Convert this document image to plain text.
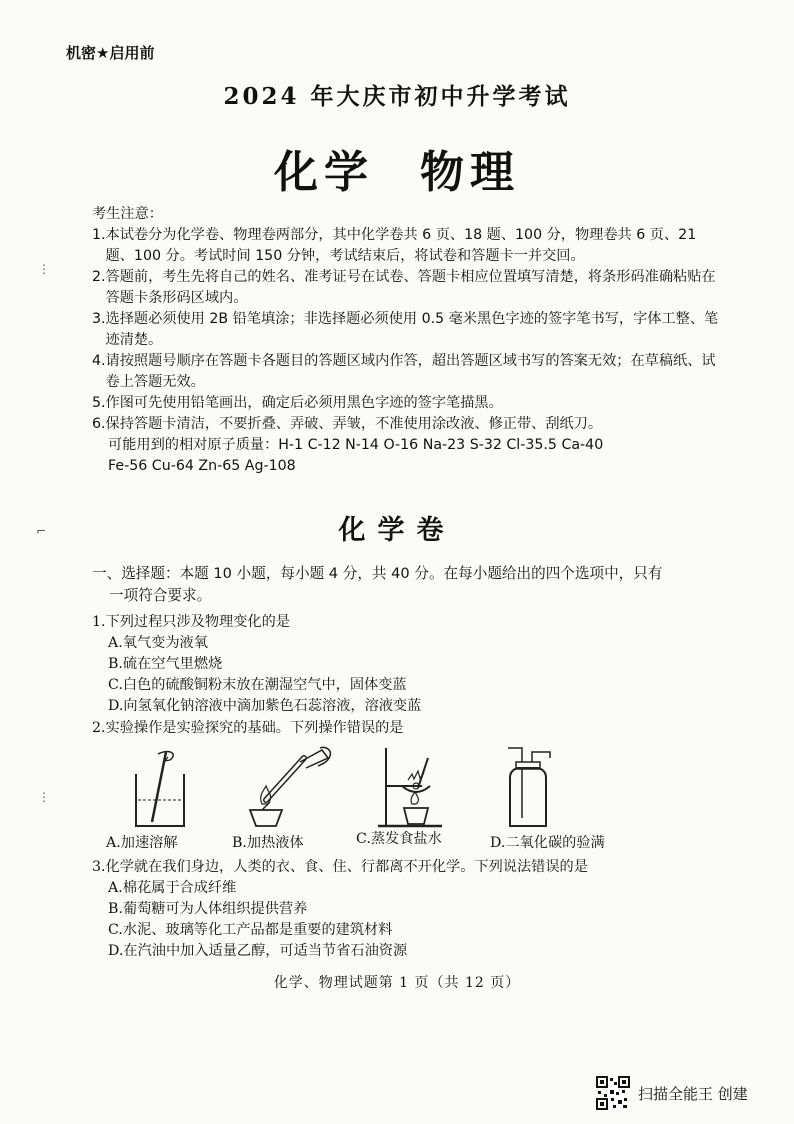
机密★启用前
2024 年大庆市初中升学考试
化学 物理
⋮
⌐
⋮
考生注意：
1. 本试卷分为化学卷、物理卷两部分，其中化学卷共 6 页、18 题、100 分，物理卷共 6 页、21 题、100 分。考试时间 150 分钟，考试结束后，将试卷和答题卡一并交回。
2. 答题前，考生先将自己的姓名、准考证号在试卷、答题卡相应位置填写清楚，将条形码准确粘贴在答题卡条形码区域内。
3. 选择题必须使用 2B 铅笔填涂；非选择题必须使用 0.5 毫米黑色字迹的签字笔书写，字体工整、笔迹清楚。
4. 请按照题号顺序在答题卡各题目的答题区域内作答，超出答题区域书写的答案无效；在草稿纸、试卷上答题无效。
5. 作图可先使用铅笔画出，确定后必须用黑色字迹的签字笔描黑。
6. 保持答题卡清洁，不要折叠、弄破、弄皱，不准使用涂改液、修正带、刮纸刀。
可能用到的相对原子质量：H-1 C-12 N-14 O-16 Na-23 S-32 Cl-35.5 Ca-40
Fe-56 Cu-64 Zn-65 Ag-108
化学卷
一、选择题：本题 10 小题，每小题 4 分，共 40 分。在每小题给出的四个选项中，只有
一项符合要求。
1.下列过程只涉及物理变化的是
A.氧气变为液氧
B.硫在空气里燃烧
C.白色的硫酸铜粉末放在潮湿空气中，固体变蓝
D.向氢氧化钠溶液中滴加紫色石蕊溶液，溶液变蓝
2.实验操作是实验探究的基础。下列操作错误的是
A.加速溶解	B.加热液体	C.蒸发食盐水	D.二氧化碳的验满
3.化学就在我们身边，人类的衣、食、住、行都离不开化学。下列说法错误的是
A.棉花属于合成纤维
B.葡萄糖可为人体组织提供营养
C.水泥、玻璃等化工产品都是重要的建筑材料
D.在汽油中加入适量乙醇，可适当节省石油资源
化学、物理试题第 1 页（共 12 页）
扫描全能王 创建
